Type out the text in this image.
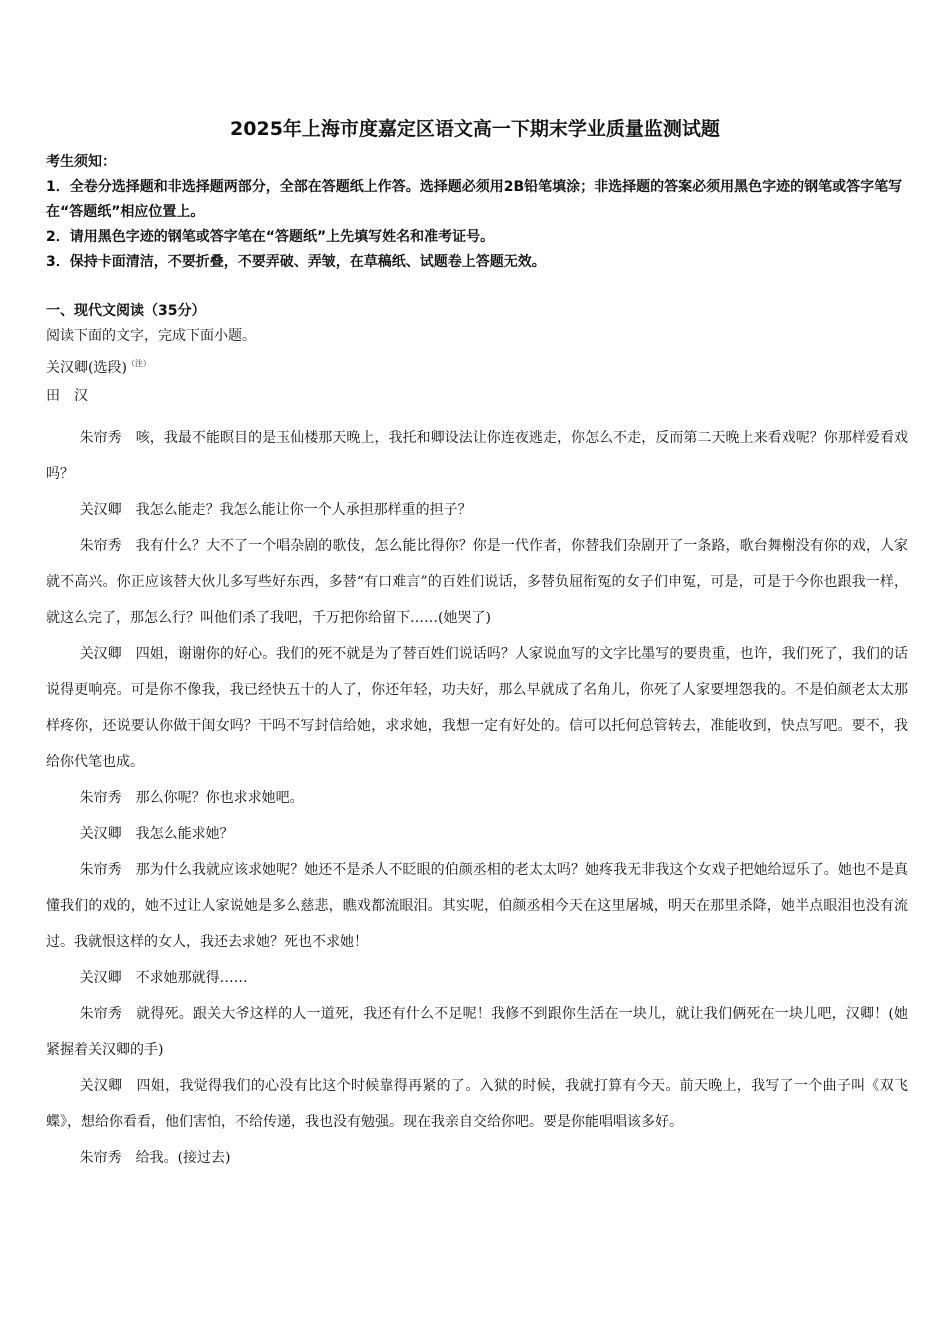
2025年上海市度嘉定区语文高一下期末学业质量监测试题

考生须知：

1．全卷分选择题和非选择题两部分，全部在答题纸上作答。选择题必须用2B铅笔填涂；非选择题的答案必须用黑色字迹的钢笔或答字笔写在“答题纸”相应位置上。

2．请用黑色字迹的钢笔或答字笔在“答题纸”上先填写姓名和准考证号。

3．保持卡面清洁，不要折叠，不要弄破、弄皱，在草稿纸、试题卷上答题无效。

一、现代文阅读（35分）
阅读下面的文字，完成下面小题。
关汉卿(选段)$^{(注)}$
田　汉

朱帘秀 咳，我最不能瞑目的是玉仙楼那天晚上，我托和卿设法让你连夜逃走，你怎么不走，反而第二天晚上来看戏呢？你那样爱看戏吗？

关汉卿 我怎么能走？我怎么能让你一个人承担那样重的担子？

朱帘秀 我有什么？大不了一个唱杂剧的歌伎，怎么能比得你？你是一代作者，你替我们杂剧开了一条路，歌台舞榭没有你的戏，人家就不高兴。你正应该替大伙儿多写些好东西，多替“有口难言”的百姓们说话，多替负屈衔冤的女子们申冤，可是，可是于今你也跟我一样，就这么完了，那怎么行？叫他们杀了我吧，千万把你给留下……(她哭了)

关汉卿 四姐，谢谢你的好心。我们的死不就是为了替百姓们说话吗？人家说血写的文字比墨写的要贵重，也许，我们死了，我们的话说得更响亮。可是你不像我，我已经快五十的人了，你还年轻，功夫好，那么早就成了名角儿，你死了人家要埋怨我的。不是伯颜老太太那样疼你，还说要认你做干闺女吗？干吗不写封信给她，求求她，我想一定有好处的。信可以托何总管转去，准能收到，快点写吧。要不，我给你代笔也成。

朱帘秀 那么你呢？你也求求她吧。

关汉卿 我怎么能求她？

朱帘秀 那为什么我就应该求她呢？她还不是杀人不眨眼的伯颜丞相的老太太吗？她疼我无非我这个女戏子把她给逗乐了。她也不是真懂我们的戏的，她不过让人家说她是多么慈悲，瞧戏都流眼泪。其实呢，伯颜丞相今天在这里屠城，明天在那里杀降，她半点眼泪也没有流过。我就恨这样的女人，我还去求她？死也不求她！

关汉卿 不求她那就得……

朱帘秀 就得死。跟关大爷这样的人一道死，我还有什么不足呢！我修不到跟你生活在一块儿，就让我们俩死在一块儿吧，汉卿！(她紧握着关汉卿的手)

关汉卿 四姐，我觉得我们的心没有比这个时候靠得再紧的了。入狱的时候，我就打算有今天。前天晚上，我写了一个曲子叫《双飞蝶》，想给你看看，他们害怕，不给传递，我也没有勉强。现在我亲自交给你吧。要是你能唱唱该多好。

朱帘秀 给我。(接过去)
